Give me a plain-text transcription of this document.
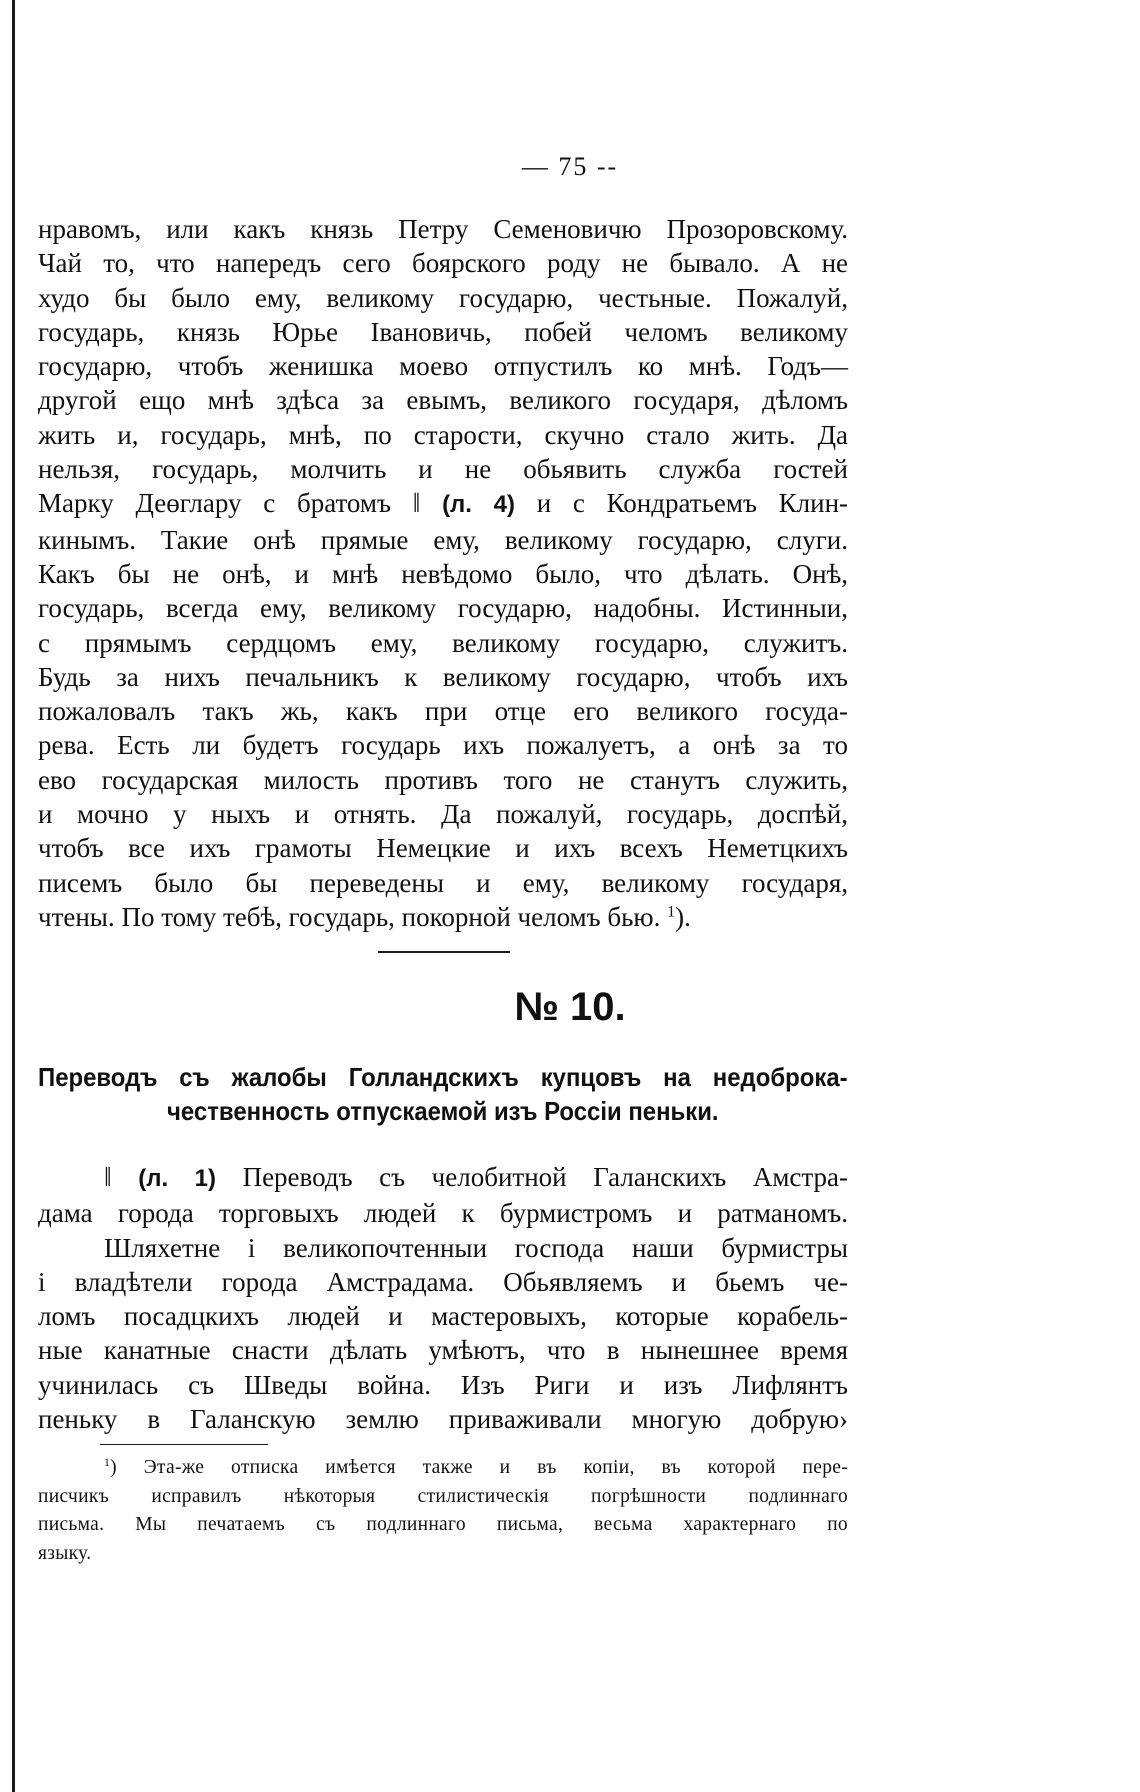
— 75 --
нравомъ, или какъ князь Петру Семеновичю Прозоровскому.
Чай то, что напередъ сего боярского роду не бывало. А не
худо бы было ему, великому государю, честьные. Пожалуй,
государь, князь Юрье Івановичь, побей челомъ великому
государю, чтобъ женишка моево отпустилъ ко мнѣ. Годъ—
другой ещо мнѣ здѣса за евымъ, великого государя, дѣломъ
жить и, государь, мнѣ, по старости, скучно стало жить. Да
нельзя, государь, молчить и не обьявить служба гостей
Марку Деөглару с братомъ ‖ (л. 4) и с Кондратьемъ Клин-
кинымъ. Такие онѣ прямые ему, великому государю, слуги.
Какъ бы не онѣ, и мнѣ невѣдомо было, что дѣлать. Онѣ,
государь, всегда ему, великому государю, надобны. Истинныи,
с прямымъ сердцомъ ему, великому государю, служитъ.
Будь за нихъ печальникъ к великому государю, чтобъ ихъ
пожаловалъ такъ жь, какъ при отце его великого госуда-
рева. Есть ли будетъ государь ихъ пожалуетъ, а онѣ за то
ево государская милость противъ того не станутъ служить,
и мочно у ныхъ и отнять. Да пожалуй, государь, доспѣй,
чтобъ все ихъ грамоты Немецкие и ихъ всехъ Неметцкихъ
писемъ было бы переведены и ему, великому государя,
чтены. По тому тебѣ, государь, покорной челомъ бью. $^1$).
№ 10.
Переводъ съ жалобы Голландскихъ купцовъ на недоброка-
чественность отпускаемой изъ Россіи пеньки.
‖ (л. 1) Переводъ съ челобитной Галанскихъ Амстра-
дама города торговыхъ людей к бурмистромъ и ратманомъ.
Шляхетне і великопочтенныи господа наши бурмистры
і владѣтели города Амстрадама. Обьявляемъ и бьемъ че-
ломъ посадцкихъ людей и мастеровыхъ, которые корабель-
ные канатные снасти дѣлать умѣютъ, что в нынешнее время
учинилась съ Шведы война. Изъ Риги и изъ Лифлянтъ
пеньку в Галанскую землю привaживали многую добрую›
$^1$) Эта-же отписка имѣется также и въ копіи, въ которой пере-
писчикъ исправилъ нѣкоторыя стилистическія погрѣшности подлиннаго
письма. Мы печатаемъ съ подлиннаго письма, весьма характернаго по
языку.
